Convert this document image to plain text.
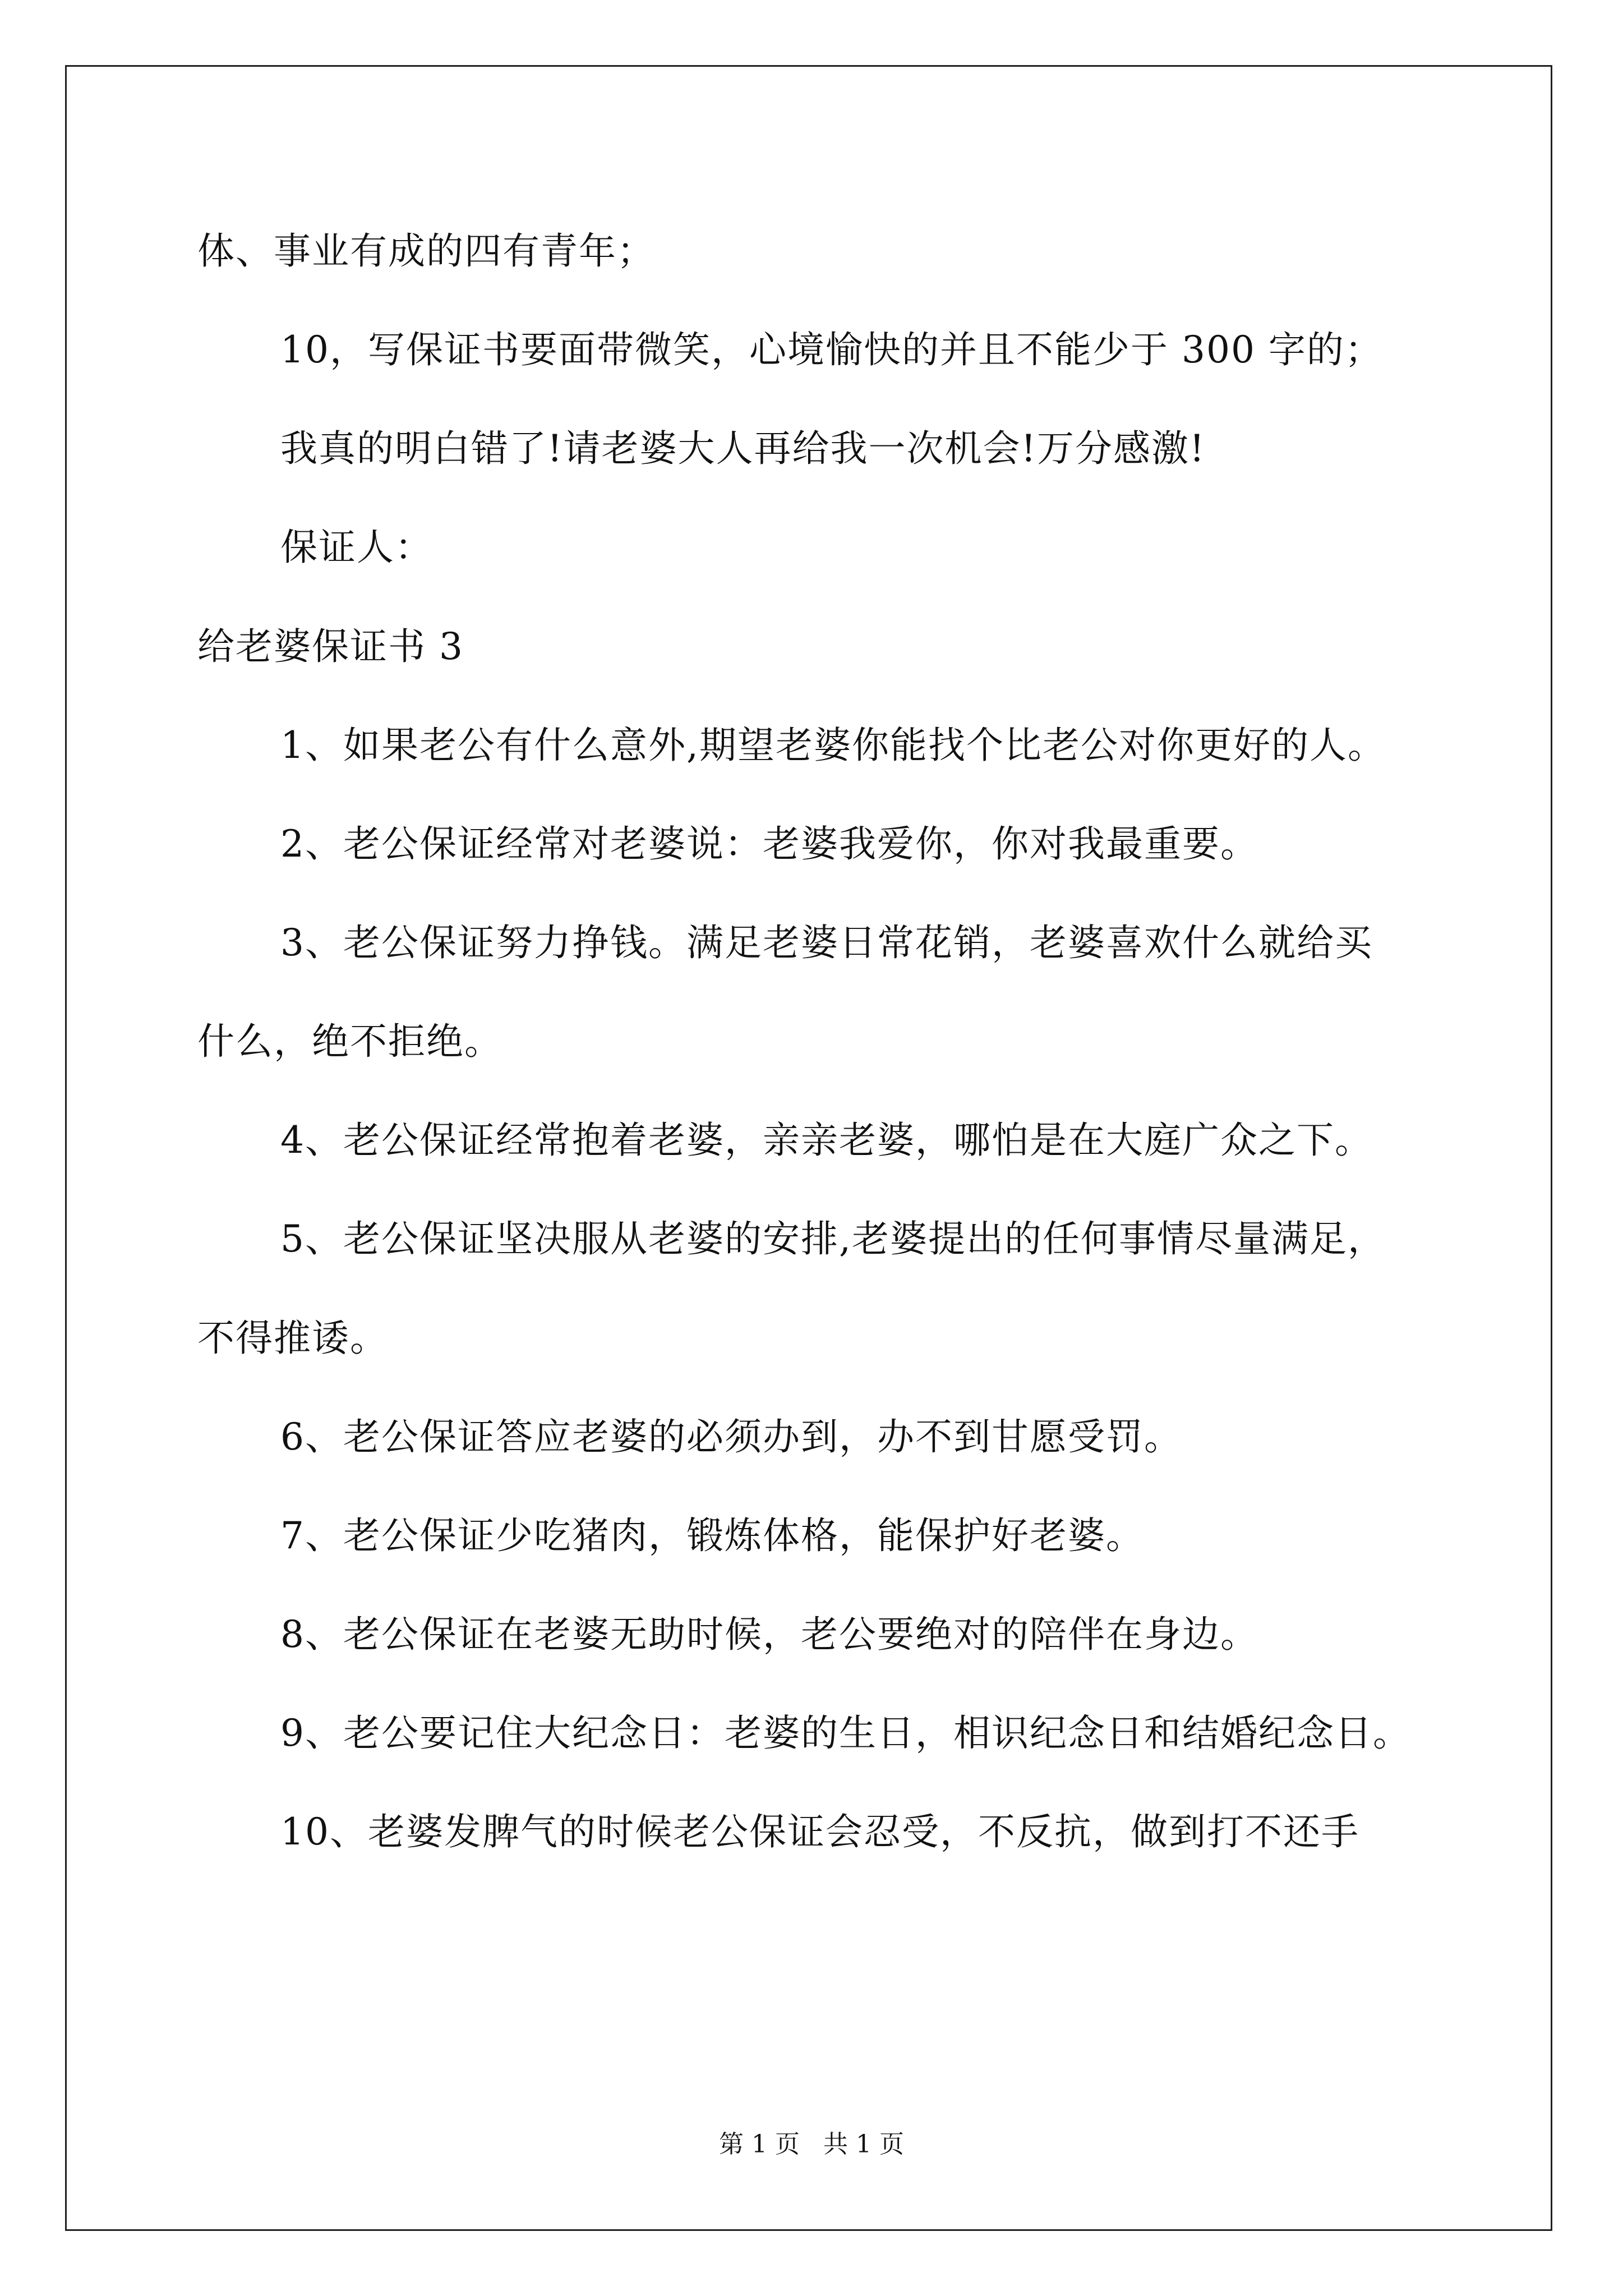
体、事业有成的四有青年；
10，写保证书要面带微笑，心境愉快的并且不能少于 300 字的；
我真的明白错了!请老婆大人再给我一次机会!万分感激!
保证人：
给老婆保证书 3
1、如果老公有什么意外,期望老婆你能找个比老公对你更好的人。
2、老公保证经常对老婆说：老婆我爱你，你对我最重要。
3、老公保证努力挣钱。满足老婆日常花销，老婆喜欢什么就给买
什么，绝不拒绝。
4、老公保证经常抱着老婆，亲亲老婆，哪怕是在大庭广众之下。
5、老公保证坚决服从老婆的安排,老婆提出的任何事情尽量满足，
不得推诿。
6、老公保证答应老婆的必须办到，办不到甘愿受罚。
7、老公保证少吃猪肉，锻炼体格，能保护好老婆。
8、老公保证在老婆无助时候，老公要绝对的陪伴在身边。
9、老公要记住大纪念日：老婆的生日，相识纪念日和结婚纪念日。
10、老婆发脾气的时候老公保证会忍受，不反抗，做到打不还手
第 1 页 共 1 页
